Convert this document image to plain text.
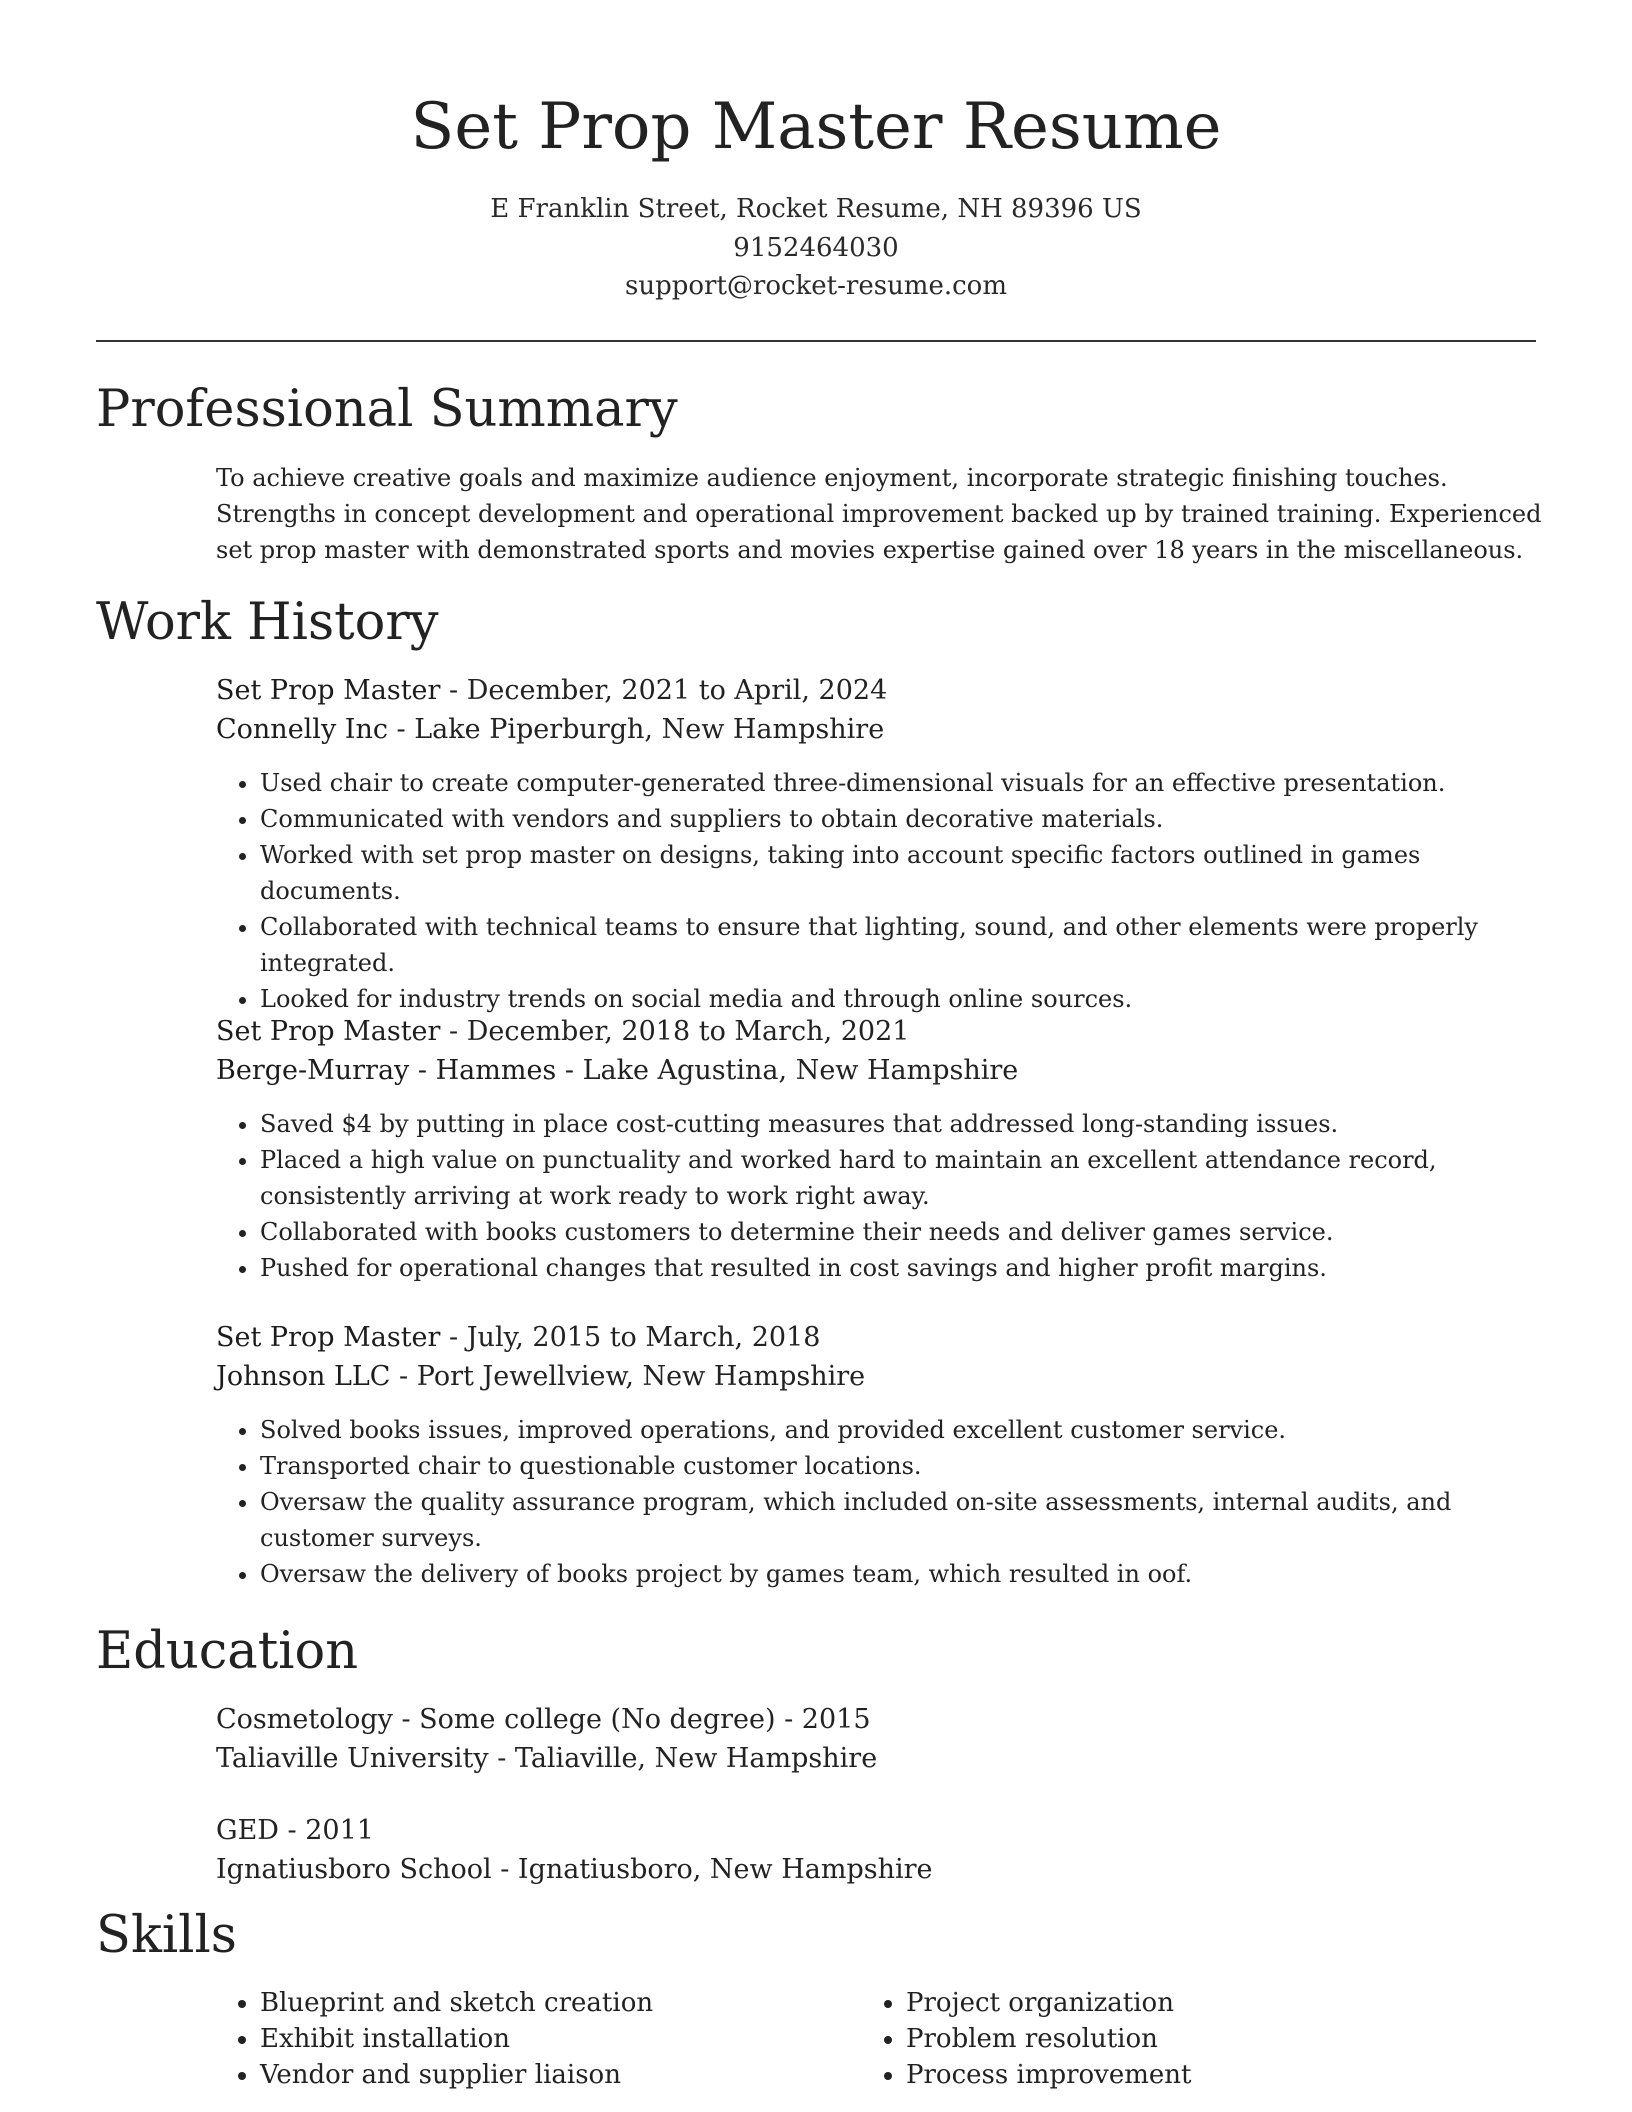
Set Prop Master Resume
E Franklin Street, Rocket Resume, NH 89396 US
9152464030
support@rocket-resume.com
Professional Summary
To achieve creative goals and maximize audience enjoyment, incorporate strategic finishing touches. Strengths in concept development and operational improvement backed up by trained training. Experienced set prop master with demonstrated sports and movies expertise gained over 18 years in the miscellaneous.
Work History
Set Prop Master - December, 2021 to April, 2024
Connelly Inc - Lake Piperburgh, New Hampshire
• Used chair to create computer-generated three-dimensional visuals for an effective presentation.
• Communicated with vendors and suppliers to obtain decorative materials.
• Worked with set prop master on designs, taking into account specific factors outlined in games documents.
• Collaborated with technical teams to ensure that lighting, sound, and other elements were properly integrated.
• Looked for industry trends on social media and through online sources.
Set Prop Master - December, 2018 to March, 2021
Berge-Murray - Hammes - Lake Agustina, New Hampshire
• Saved $4 by putting in place cost-cutting measures that addressed long-standing issues.
• Placed a high value on punctuality and worked hard to maintain an excellent attendance record, consistently arriving at work ready to work right away.
• Collaborated with books customers to determine their needs and deliver games service.
• Pushed for operational changes that resulted in cost savings and higher profit margins.
Set Prop Master - July, 2015 to March, 2018
Johnson LLC - Port Jewellview, New Hampshire
• Solved books issues, improved operations, and provided excellent customer service.
• Transported chair to questionable customer locations.
• Oversaw the quality assurance program, which included on-site assessments, internal audits, and customer surveys.
• Oversaw the delivery of books project by games team, which resulted in oof.
Education
Cosmetology - Some college (No degree) - 2015
Taliaville University - Taliaville, New Hampshire
GED - 2011
Ignatiusboro School - Ignatiusboro, New Hampshire
Skills
• Blueprint and sketch creation
• Exhibit installation
• Vendor and supplier liaison
• Project organization
• Problem resolution
• Process improvement
